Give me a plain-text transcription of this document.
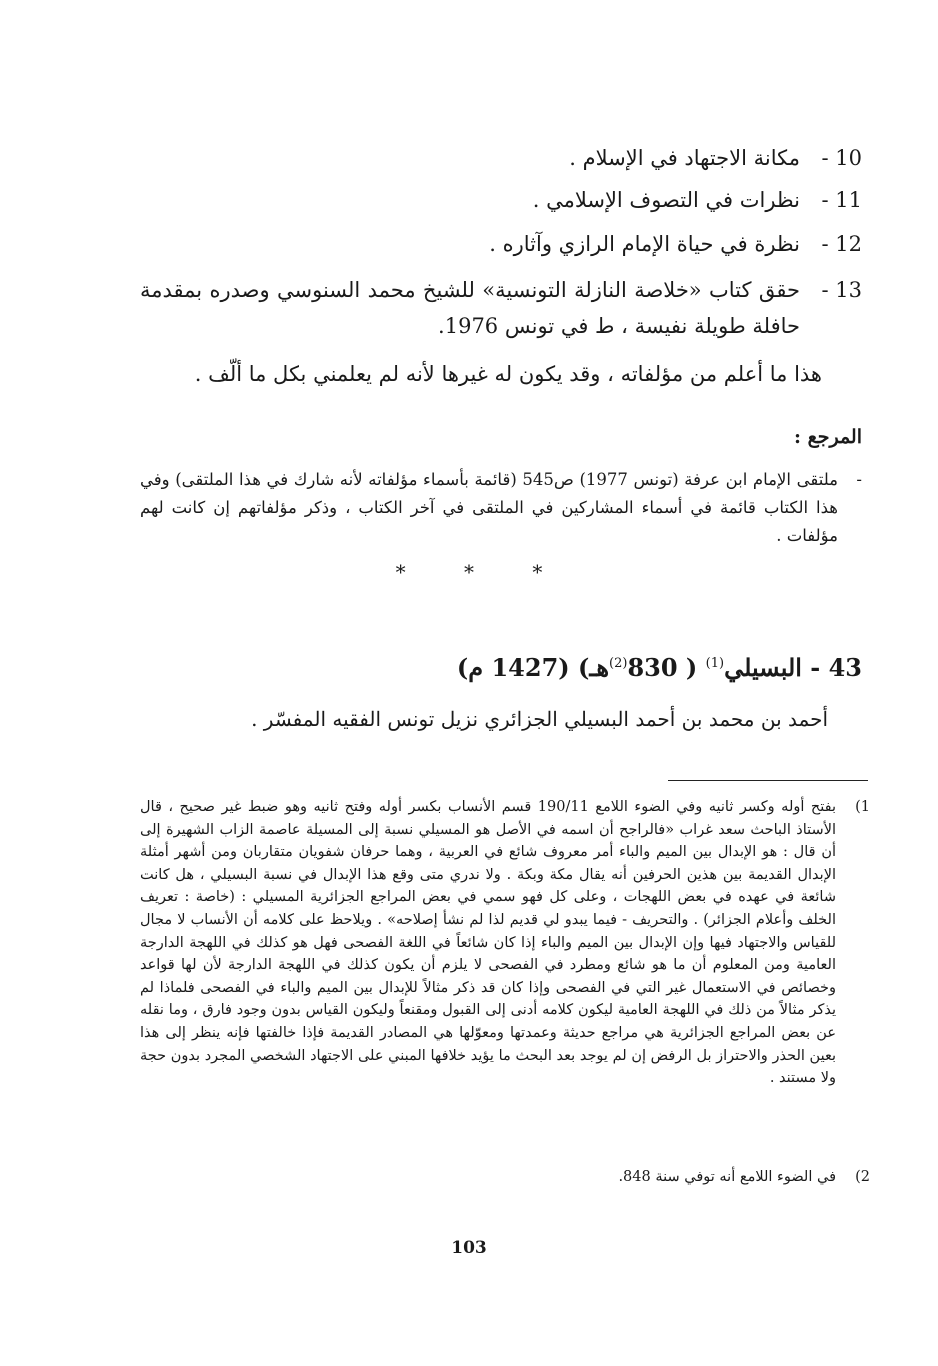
10 -
مكانة الاجتهاد في الإسلام .
11 -
نظرات في التصوف الإسلامي .
12 -
نظرة في حياة الإمام الرازي وآثاره .
13 -
حقق كتاب «خلاصة النازلة التونسية» للشيخ محمد السنوسي وصدره بمقدمة حافلة طويلة نفيسة ، ط في تونس 1976.
هذا ما أعلم من مؤلفاته ، وقد يكون له غيرها لأنه لم يعلمني بكل ما ألّف .
المرجع :
-
ملتقى الإمام ابن عرفة (تونس 1977) ص545 (قائمة بأسماء مؤلفاته لأنه شارك في هذا الملتقى) وفي هذا الكتاب قائمة في أسماء المشاركين في الملتقى في آخر الكتاب ، وذكر مؤلفاتهم إن كانت لهم مؤلفات .
*	*	*
43 - البسيلي$^{(1)}$ ( 830$^{(2)}$هـ) (1427 م)
أحمد بن محمد بن أحمد البسيلي الجزائري نزيل تونس الفقيه المفسّر .
1)
بفتح أوله وكسر ثانيه وفي الضوء اللامع 190/11 قسم الأنساب بكسر أوله وفتح ثانيه وهو ضبط غير صحيح ، قال الأستاذ الباحث سعد غراب «فالراجح أن اسمه في الأصل هو المسيلي نسبة إلى المسيلة عاصمة الزاب الشهيرة إلى أن قال : هو الإبدال بين الميم والباء أمر معروف شائع في العربية ، وهما حرفان شفويان متقاربان ومن أشهر أمثلة الإبدال القديمة بين هذين الحرفين أنه يقال مكة وبكة . ولا ندري متى وقع هذا الإبدال في نسبة البسيلي ، هل كانت شائعة في عهده في بعض اللهجات ، وعلى كل فهو سمي في بعض المراجع الجزائرية المسيلي : (خاصة : تعريف الخلف وأعلام الجزائر) . والتحريف - فيما يبدو لي قديم لذا لم نشأ إصلاحه» . ويلاحظ على كلامه أن الأنساب لا مجال للقياس والاجتهاد فيها وإن الإبدال بين الميم والباء إذا كان شائعاً في اللغة الفصحى فهل هو كذلك في اللهجة الدارجة العامية ومن المعلوم أن ما هو شائع ومطرد في الفصحى لا يلزم أن يكون كذلك في اللهجة الدارجة لأن لها قواعد وخصائص في الاستعمال غير التي في الفصحى وإذا كان قد ذكر مثالاً للإبدال بين الميم والباء في الفصحى فلماذا لم يذكر مثالاً من ذلك في اللهجة العامية ليكون كلامه أدنى إلى القبول ومقنعاً وليكون القياس بدون وجود فارق ، وما نقله عن بعض المراجع الجزائرية هي مراجع حديثة وعمدتها ومعوّلها هي المصادر القديمة فإذا خالفتها فإنه ينظر إلى هذا بعين الحذر والاحتراز بل الرفض إن لم يوجد بعد البحث ما يؤيد خلافها المبني على الاجتهاد الشخصي المجرد بدون حجة ولا مستند .
2)
في الضوء اللامع أنه توفي سنة 848.
103
